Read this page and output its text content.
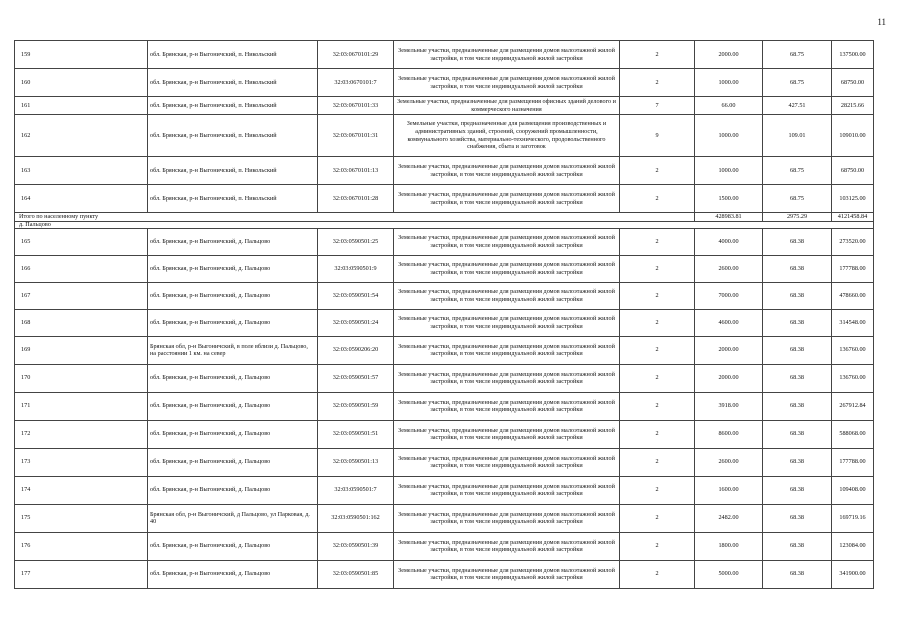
11
159	обл. Брянская, р-н Выгоничский, п. Никольский	32:03:0670101:29	Земельные участки, предназначенные для размещения домов малоэтажной жилой застройки, в том числе индивидуальной жилой застройки	2	2000.00	68.75	137500.00
160	обл. Брянская, р-н Выгоничский, п. Никольский	32:03:0670101:7	Земельные участки, предназначенные для размещения домов малоэтажной жилой застройки, в том числе индивидуальной жилой застройки	2	1000.00	68.75	68750.00
161	обл. Брянская, р-н Выгоничский, п. Никольский	32:03:0670101:33	Земельные участки, предназначенные для размещения офисных зданий делового и коммерческого назначения	7	66.00	427.51	28215.66
162	обл. Брянская, р-н Выгоничский, п. Никольский	32:03:0670101:31	Земельные участки, предназначенные для размещения производственных и административных зданий, строений, сооружений промышленности, коммунального хозяйства, материально-технического, продовольственного снабжения, сбыта и заготовок	9	1000.00	109.01	109010.00
163	обл. Брянская, р-н Выгоничский, п. Никольский	32:03:0670101:13	Земельные участки, предназначенные для размещения домов малоэтажной жилой застройки, в том числе индивидуальной жилой застройки	2	1000.00	68.75	68750.00
164	обл. Брянская, р-н Выгоничский, п. Никольский	32:03:0670101:28	Земельные участки, предназначенные для размещения домов малоэтажной жилой застройки, в том числе индивидуальной жилой застройки	2	1500.00	68.75	103125.00
Итого по населенному пункту					428983.81	2975.29	4121458.84
д. Пальцово							
165	обл. Брянская, р-н Выгоничский, д. Пальцово	32:03:0590501:25	Земельные участки, предназначенные для размещения домов малоэтажной жилой застройки, в том числе индивидуальной жилой застройки	2	4000.00	68.38	273520.00
166	обл. Брянская, р-н Выгоничский, д. Пальцово	32:03:0590501:9	Земельные участки, предназначенные для размещения домов малоэтажной жилой застройки, в том числе индивидуальной жилой застройки	2	2600.00	68.38	177788.00
167	обл. Брянская, р-н Выгоничский, д. Пальцово	32:03:0590501:54	Земельные участки, предназначенные для размещения домов малоэтажной жилой застройки, в том числе индивидуальной жилой застройки	2	7000.00	68.38	478660.00
168	обл. Брянская, р-н Выгоничский, д. Пальцово	32:03:0590501:24	Земельные участки, предназначенные для размещения домов малоэтажной жилой застройки, в том числе индивидуальной жилой застройки	2	4600.00	68.38	314548.00
169	Брянская обл, р-н Выгоничский, в поле вблизи д. Пальцово, на расстоянии 1 км. на север	32:03:0590206:20	Земельные участки, предназначенные для размещения домов малоэтажной жилой застройки, в том числе индивидуальной жилой застройки	2	2000.00	68.38	136760.00
170	обл. Брянская, р-н Выгоничский, д. Пальцово	32:03:0590501:57	Земельные участки, предназначенные для размещения домов малоэтажной жилой застройки, в том числе индивидуальной жилой застройки	2	2000.00	68.38	136760.00
171	обл. Брянская, р-н Выгоничский, д. Пальцово	32:03:0590501:59	Земельные участки, предназначенные для размещения домов малоэтажной жилой застройки, в том числе индивидуальной жилой застройки	2	3918.00	68.38	267912.84
172	обл. Брянская, р-н Выгоничский, д. Пальцово	32:03:0590501:51	Земельные участки, предназначенные для размещения домов малоэтажной жилой застройки, в том числе индивидуальной жилой застройки	2	8600.00	68.38	588068.00
173	обл. Брянская, р-н Выгоничский, д. Пальцово	32:03:0590501:13	Земельные участки, предназначенные для размещения домов малоэтажной жилой застройки, в том числе индивидуальной жилой застройки	2	2600.00	68.38	177788.00
174	обл. Брянская, р-н Выгоничский, д. Пальцово	32:03:0590501:7	Земельные участки, предназначенные для размещения домов малоэтажной жилой застройки, в том числе индивидуальной жилой застройки	2	1600.00	68.38	109408.00
175	Брянская обл, р-н Выгоничский, д Пальцово, ул Парковая, д. 40	32:03:0590501:162	Земельные участки, предназначенные для размещения домов малоэтажной жилой застройки, в том числе индивидуальной жилой застройки	2	2482.00	68.38	169719.16
176	обл. Брянская, р-н Выгоничский, д. Пальцово	32:03:0590501:39	Земельные участки, предназначенные для размещения домов малоэтажной жилой застройки, в том числе индивидуальной жилой застройки	2	1800.00	68.38	123084.00
177	обл. Брянская, р-н Выгоничский, д. Пальцово	32:03:0590501:85	Земельные участки, предназначенные для размещения домов малоэтажной жилой застройки, в том числе индивидуальной жилой застройки	2	5000.00	68.38	341900.00
